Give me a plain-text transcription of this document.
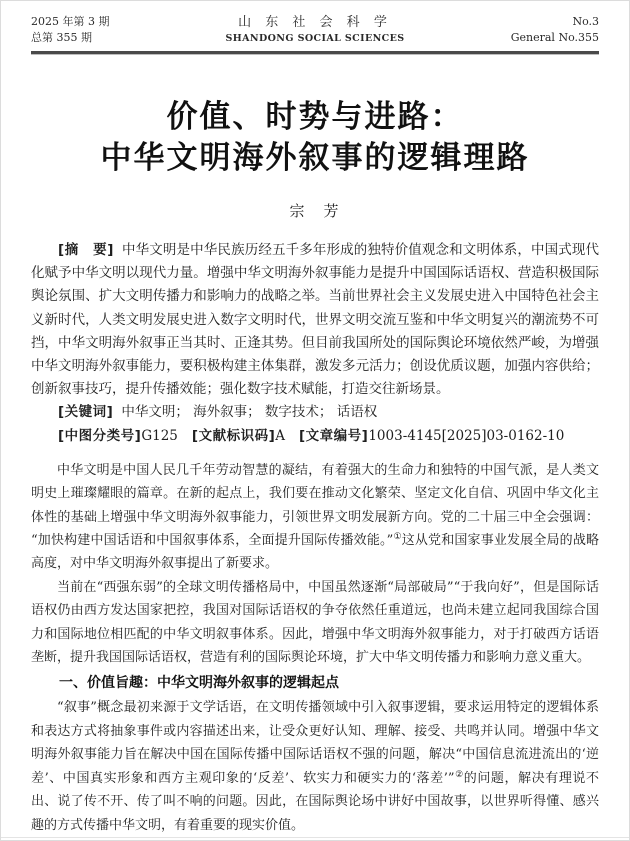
2025 年第 3 期
总第 355 期
山 东 社 会 科 学
SHANDONG SOCIAL SCIENCES
No.3
General No.355
价值、时势与进路：
中华文明海外叙事的逻辑理路
宗　芳

[摘　要] 中华文明是中华民族历经五千多年形成的独特价值观念和文明体系，中国式现代化赋予中华文明以现代力量。增强中华文明海外叙事能力是提升中国国际话语权、营造积极国际舆论氛围、扩大文明传播力和影响力的战略之举。当前世界社会主义发展史进入中国特色社会主义新时代，人类文明发展史进入数字文明时代，世界文明交流互鉴和中华文明复兴的潮流势不可挡，中华文明海外叙事正当其时、正逢其势。但目前我国所处的国际舆论环境依然严峻，为增强中华文明海外叙事能力，要积极构建主体集群，激发多元活力；创设优质议题，加强内容供给；创新叙事技巧，提升传播效能；强化数字技术赋能，打造交往新场景。

[关键词] 中华文明； 海外叙事； 数字技术； 话语权

[中图分类号]G125 [文献标识码]A [文章编号]1003-4145[2025]03-0162-10

中华文明是中国人民几千年劳动智慧的凝结，有着强大的生命力和独特的中国气派，是人类文明史上璀璨耀眼的篇章。在新的起点上，我们要在推动文化繁荣、坚定文化自信、巩固中华文化主体性的基础上增强中华文明海外叙事能力，引领世界文明发展新方向。党的二十届三中全会强调：“加快构建中国话语和中国叙事体系，全面提升国际传播效能。”①这从党和国家事业发展全局的战略高度，对中华文明海外叙事提出了新要求。

当前在“西强东弱”的全球文明传播格局中，中国虽然逐渐“局部破局”“于我向好”，但是国际话语权仍由西方发达国家把控，我国对国际话语权的争夺依然任重道远，也尚未建立起同我国综合国力和国际地位相匹配的中华文明叙事体系。因此，增强中华文明海外叙事能力，对于打破西方话语垄断，提升我国国际话语权，营造有利的国际舆论环境，扩大中华文明传播力和影响力意义重大。

一、价值旨趣：中华文明海外叙事的逻辑起点

“叙事”概念最初来源于文学话语，在文明传播领域中引入叙事逻辑，要求运用特定的逻辑体系和表达方式将抽象事件或内容描述出来，让受众更好认知、理解、接受、共鸣并认同。增强中华文明海外叙事能力旨在解决中国在国际传播中国际话语权不强的问题，解决“中国信息流进流出的‘逆差’、中国真实形象和西方主观印象的‘反差’、软实力和硬实力的‘落差’”②的问题，解决有理说不出、说了传不开、传了叫不响的问题。因此，在国际舆论场中讲好中国故事，以世界听得懂、感兴趣的方式传播中华文明，有着重要的现实价值。
